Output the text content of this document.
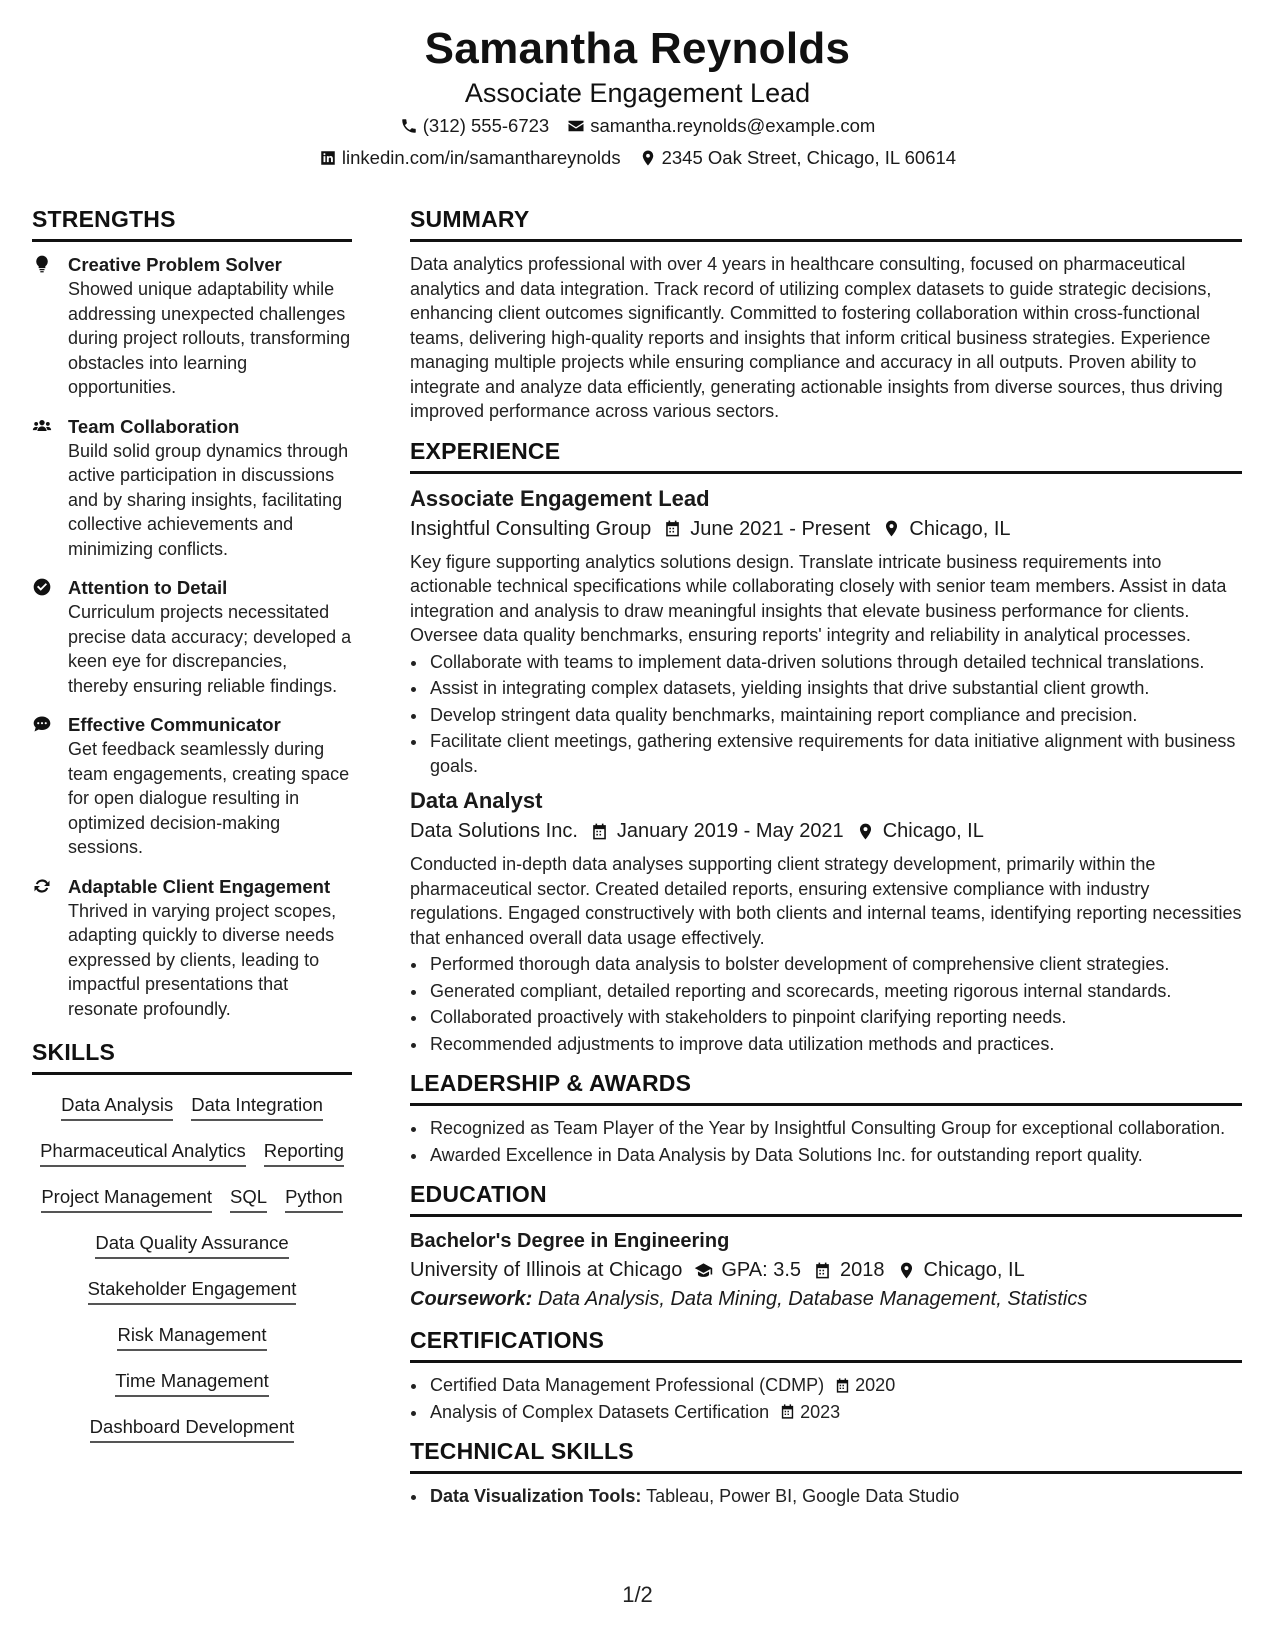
Samantha Reynolds
Associate Engagement Lead
(312) 555-6723 samantha.reynolds@example.com
linkedin.com/in/samanthareynolds 2345 Oak Street, Chicago, IL 60614
STRENGTHS
Creative Problem Solver
Showed unique adaptability while addressing unexpected challenges during project rollouts, transforming obstacles into learning opportunities.
Team Collaboration
Build solid group dynamics through active participation in discussions and by sharing insights, facilitating collective achievements and minimizing conflicts.
Attention to Detail
Curriculum projects necessitated precise data accuracy; developed a keen eye for discrepancies, thereby ensuring reliable findings.
Effective Communicator
Get feedback seamlessly during team engagements, creating space for open dialogue resulting in optimized decision-making sessions.
Adaptable Client Engagement
Thrived in varying project scopes, adapting quickly to diverse needs expressed by clients, leading to impactful presentations that resonate profoundly.
SKILLS
Data Analysis Data Integration
Pharmaceutical Analytics Reporting
Project Management SQL Python
Data Quality Assurance
Stakeholder Engagement
Risk Management
Time Management
Dashboard Development
SUMMARY
Data analytics professional with over 4 years in healthcare consulting, focused on pharmaceutical analytics and data integration. Track record of utilizing complex datasets to guide strategic decisions, enhancing client outcomes significantly. Committed to fostering collaboration within cross-functional teams, delivering high-quality reports and insights that inform critical business strategies. Experience managing multiple projects while ensuring compliance and accuracy in all outputs. Proven ability to integrate and analyze data efficiently, generating actionable insights from diverse sources, thus driving improved performance across various sectors.
EXPERIENCE
Associate Engagement Lead
Insightful Consulting Group June 2021 - Present Chicago, IL
Key figure supporting analytics solutions design. Translate intricate business requirements into actionable technical specifications while collaborating closely with senior team members. Assist in data integration and analysis to draw meaningful insights that elevate business performance for clients. Oversee data quality benchmarks, ensuring reports' integrity and reliability in analytical processes.
• Collaborate with teams to implement data-driven solutions through detailed technical translations.
• Assist in integrating complex datasets, yielding insights that drive substantial client growth.
• Develop stringent data quality benchmarks, maintaining report compliance and precision.
• Facilitate client meetings, gathering extensive requirements for data initiative alignment with business goals.
Data Analyst
Data Solutions Inc. January 2019 - May 2021 Chicago, IL
Conducted in-depth data analyses supporting client strategy development, primarily within the pharmaceutical sector. Created detailed reports, ensuring extensive compliance with industry regulations. Engaged constructively with both clients and internal teams, identifying reporting necessities that enhanced overall data usage effectively.
• Performed thorough data analysis to bolster development of comprehensive client strategies.
• Generated compliant, detailed reporting and scorecards, meeting rigorous internal standards.
• Collaborated proactively with stakeholders to pinpoint clarifying reporting needs.
• Recommended adjustments to improve data utilization methods and practices.
LEADERSHIP & AWARDS
• Recognized as Team Player of the Year by Insightful Consulting Group for exceptional collaboration.
• Awarded Excellence in Data Analysis by Data Solutions Inc. for outstanding report quality.
EDUCATION
Bachelor's Degree in Engineering
University of Illinois at Chicago GPA: 3.5 2018 Chicago, IL
Coursework: Data Analysis, Data Mining, Database Management, Statistics
CERTIFICATIONS
• Certified Data Management Professional (CDMP) 2020
• Analysis of Complex Datasets Certification 2023
TECHNICAL SKILLS
• Data Visualization Tools: Tableau, Power BI, Google Data Studio
1/2
